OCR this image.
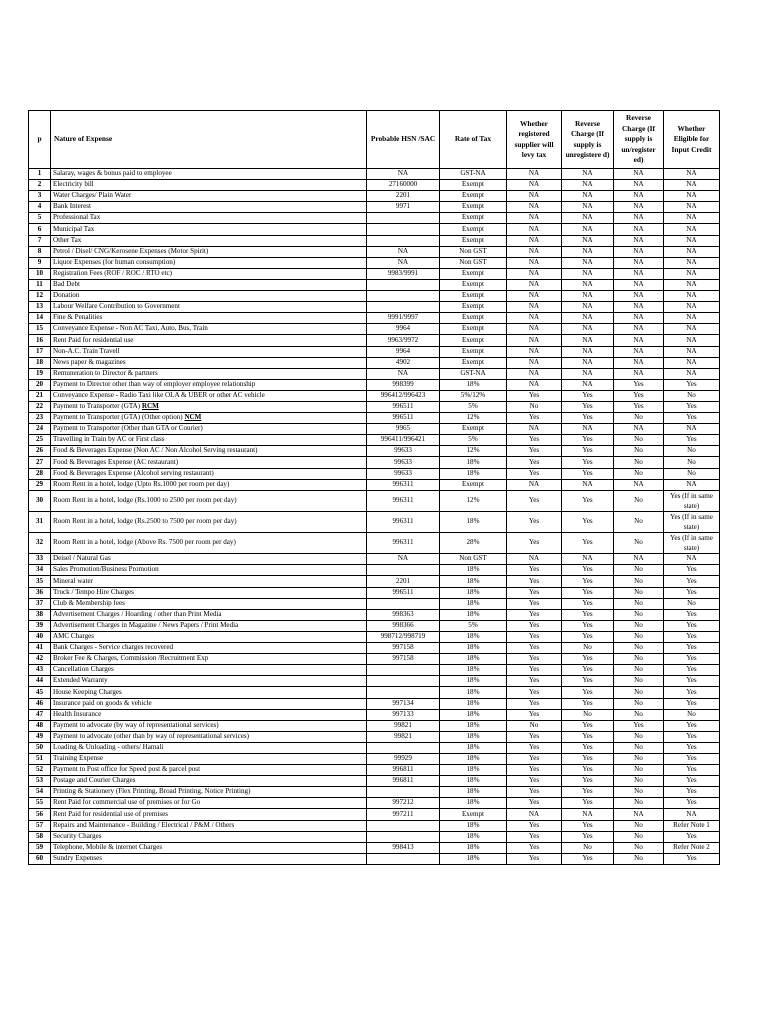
p	Nature of Expense	Probable HSN /SAC	Rate of Tax	Whether registered supplier will levy tax	Reverse Charge (If supply is unregistere d)	Reverse Charge (If supply is un/register ed)	Whether Eligible for Input Credit
1	Salaray, wages & bonus paid to employee	NA	GST-NA	NA	NA	NA	NA
2	Electricity bill	27160000	Exempt	NA	NA	NA	NA
3	Water Charges/ Plain Water	2201	Exempt	NA	NA	NA	NA
4	Bank Interest	9971	Exempt	NA	NA	NA	NA
5	Professional Tax		Exempt	NA	NA	NA	NA
6	Municipal Tax		Exempt	NA	NA	NA	NA
7	Other Tax		Exempt	NA	NA	NA	NA
8	Petrol / Disel/ CNG/Kerosene Expenses (Motor Spirit)	NA	Non GST	NA	NA	NA	NA
9	Liquor Expenses (for human consumption)	NA	Non GST	NA	NA	NA	NA
10	Registration Fees (ROF / ROC / RTO etc)	9983/9991	Exempt	NA	NA	NA	NA
11	Bad Debt		Exempt	NA	NA	NA	NA
12	Donation		Exempt	NA	NA	NA	NA
13	Labour Welfare Contribution to Government		Exempt	NA	NA	NA	NA
14	Fine & Penalities	9991/9997	Exempt	NA	NA	NA	NA
15	Conveyance Expense - Non AC Taxi, Auto, Bus, Train	9964	Exempt	NA	NA	NA	NA
16	Rent Paid for residential use	9963/9972	Exempt	NA	NA	NA	NA
17	Non-A.C. Train Travell	9964	Exempt	NA	NA	NA	NA
18	News paper & magazines	4902	Exempt	NA	NA	NA	NA
19	Remuneration to Director & partners	NA	GST-NA	NA	NA	NA	NA
20	Payment to Director other than way of employer employee relationship	998399	18%	NA	NA	Yes	Yes
21	Conveyance Expense - Radio Taxi like OLA & UBER or other AC vehicle	996412/996423	5%/12%	Yes	Yes	Yes	No
22	Payment to Transporter (GTA) RCM	996511	5%	No	Yes	Yes	Yes
23	Payment to Transporter (GTA) (Other option) NCM	996511	12%	Yes	Yes	No	Yes
24	Payment to Transporter (Other than GTA or Courier)	9965	Exempt	NA	NA	NA	NA
25	Travelling in Train by AC or First class	996411/996421	5%	Yes	Yes	No	Yes
26	Food & Beverages Expense (Non AC / Non Alcohol Serving restaurant)	99633	12%	Yes	Yes	No	No
27	Food & Beverages Expense (AC restaurant)	99633	18%	Yes	Yes	No	No
28	Food & Beverages Expense (Alcohol serving restaurant)	99633	18%	Yes	Yes	No	No
29	Room Rent in a hotel, lodge (Upto Rs.1000 per room per day)	996311	Exempt	NA	NA	NA	NA
30	Room Rent in a hotel, lodge (Rs.1000 to 2500 per room per day)	996311	12%	Yes	Yes	No	Yes (If in same state)
31	Room Rent in a hotel, lodge (Rs.2500 to 7500 per room per day)	996311	18%	Yes	Yes	No	Yes (If in same state)
32	Room Rent in a hotel, lodge (Above Rs. 7500 per room per day)	996311	28%	Yes	Yes	No	Yes (If in same state)
33	Deisel / Natural Gas	NA	Non GST	NA	NA	NA	NA
34	Sales Promotion/Business Promotion		18%	Yes	Yes	No	Yes
35	Mineral water	2201	18%	Yes	Yes	No	Yes
36	Truck / Tempo Hire Charges	996511	18%	Yes	Yes	No	Yes
37	Club & Membership fees		18%	Yes	Yes	No	No
38	Advertisement Charges / Hoarding / other than Print Media	998363	18%	Yes	Yes	No	Yes
39	Advertisement Charges in Magazine / News Papers / Print Media	998366	5%	Yes	Yes	No	Yes
40	AMC Charges	998712/998719	18%	Yes	Yes	No	Yes
41	Bank Charges - Service charges recovered	997158	18%	Yes	No	No	Yes
42	Broker Fee & Charges, Commission /Recruitment Exp	997158	18%	Yes	Yes	No	Yes
43	Cancellation Charges		18%	Yes	Yes	No	Yes
44	Extended Warranty		18%	Yes	Yes	No	Yes
45	House Keeping Charges		18%	Yes	Yes	No	Yes
46	Insurance paid on goods & vehicle	997134	18%	Yes	Yes	No	Yes
47	Health Insurance	997133	18%	Yes	No	No	No
48	Payment to advocate (by way of representational services)	99821	18%	No	Yes	Yes	Yes
49	Payment to advocate (other than by way of representational services)	99821	18%	Yes	Yes	No	Yes
50	Loading & Unloading - others/ Hamali		18%	Yes	Yes	No	Yes
51	Training Expense	99929	18%	Yes	Yes	No	Yes
52	Payment to Post office for Speed post & parcel post	996811	18%	Yes	Yes	No	Yes
53	Postage and Courier Charges	996811	18%	Yes	Yes	No	Yes
54	Printing & Stationery (Flex Printing, Broad Printing, Notice Printing)		18%	Yes	Yes	No	Yes
55	Rent Paid for commercial use of premises or for Go	997212	18%	Yes	Yes	No	Yes
56	Rent Paid for residential use of premises	997211	Exempt	NA	NA	NA	NA
57	Repairs and Maintenance - Building / Electrical / P&M / Others		18%	Yes	Yes	No	Refer Note 1
58	Security Charges		18%	Yes	Yes	No	Yes
59	Telephone, Mobile & internet Charges	998413	18%	Yes	No	No	Refer Note 2
60	Sundry Expenses		18%	Yes	Yes	No	Yes
